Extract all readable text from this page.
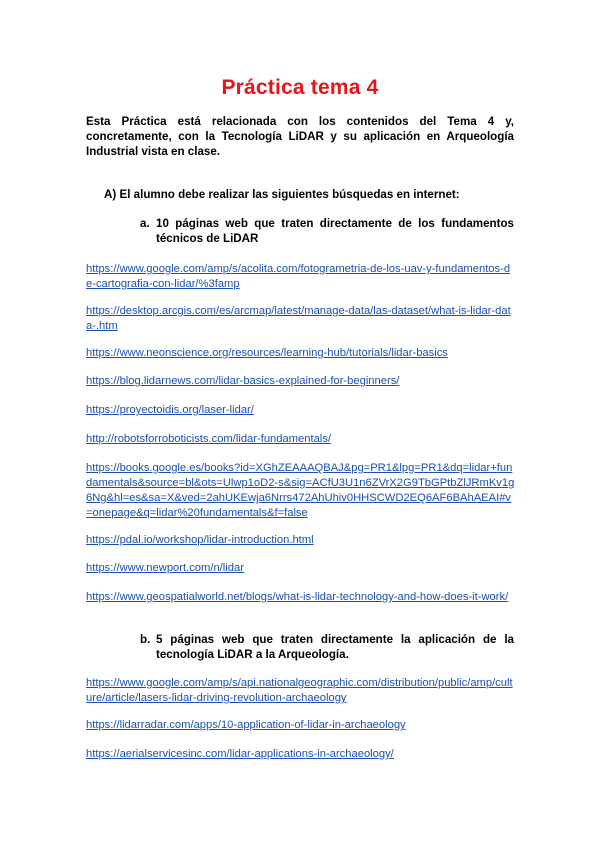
Práctica tema 4
Esta Práctica está relacionada con los contenidos del Tema 4 y, concretamente, con la Tecnología LiDAR y su aplicación en Arqueología Industrial vista en clase.
A) El alumno debe realizar las siguientes búsquedas en internet:
a. 10 páginas web que traten directamente de los fundamentos técnicos de LiDAR
https://www.google.com/amp/s/acolita.com/fotogrametria-de-los-uav-y-fundamentos-de-cartografia-con-lidar/%3famp
https://desktop.arcgis.com/es/arcmap/latest/manage-data/las-dataset/what-is-lidar-data-.htm
https://www.neonscience.org/resources/learning-hub/tutorials/lidar-basics
https://blog.lidarnews.com/lidar-basics-explained-for-beginners/
https://proyectoidis.org/laser-lidar/
http://robotsforroboticists.com/lidar-fundamentals/
https://books.google.es/books?id=XGhZEAAAQBAJ&pg=PR1&lpg=PR1&dq=lidar+fundamentals&source=bl&ots=Ulwp1oD2-s&sig=ACfU3U1n6ZVrX2G9TbGPtbZlJRmKv1g6Ng&hl=es&sa=X&ved=2ahUKEwja6Nrrs472AhUhiv0HHSCWD2EQ6AF6BAhAEAI#v=onepage&q=lidar%20fundamentals&f=false
https://pdal.io/workshop/lidar-introduction.html
https://www.newport.com/n/lidar
https://www.geospatialworld.net/blogs/what-is-lidar-technology-and-how-does-it-work/
b. 5 páginas web que traten directamente la aplicación de la tecnología LiDAR a la Arqueología.
https://www.google.com/amp/s/api.nationalgeographic.com/distribution/public/amp/culture/article/lasers-lidar-driving-revolution-archaeology
https://lidarradar.com/apps/10-application-of-lidar-in-archaeology
https://aerialservicesinc.com/lidar-applications-in-archaeology/
